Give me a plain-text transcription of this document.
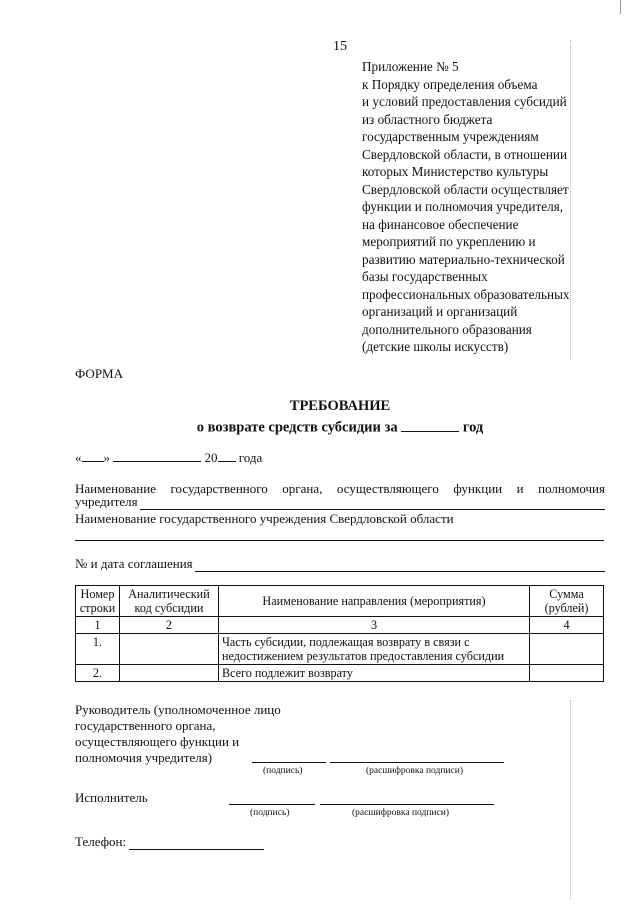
15
Приложение № 5
к Порядку определения объема
и условий предоставления субсидий
из областного бюджета
государственным учреждениям
Свердловской области, в отношении
которых Министерство культуры
Свердловской области осуществляет
функции и полномочия учредителя,
на финансовое обеспечение
мероприятий по укреплению и
развитию материально-технической
базы государственных
профессиональных образовательных
организаций и организаций
дополнительного образования
(детские школы искусств)
ФОРМА
ТРЕБОВАНИЕ
о возврате средств субсидии за	год
« »	20 года
Наименование государственного органа, осуществляющего функции и полномочия
учредителя
Наименование государственного учреждения Свердловской области
№ и дата соглашения
Номер строки	Аналитический код субсидии	Наименование направления (мероприятия)	Сумма (рублей)
1	2	3	4
1.		Часть субсидии, подлежащая возврату в связи с недостижением результатов предоставления субсидии	
2.		Всего подлежит возврату	
Руководитель (уполномоченное лицо
государственного органа,
осуществляющего функции и
полномочия учредителя)
(подпись)	(расшифровка подписи)
Исполнитель
(подпись)	(расшифровка подписи)
Телефон:
